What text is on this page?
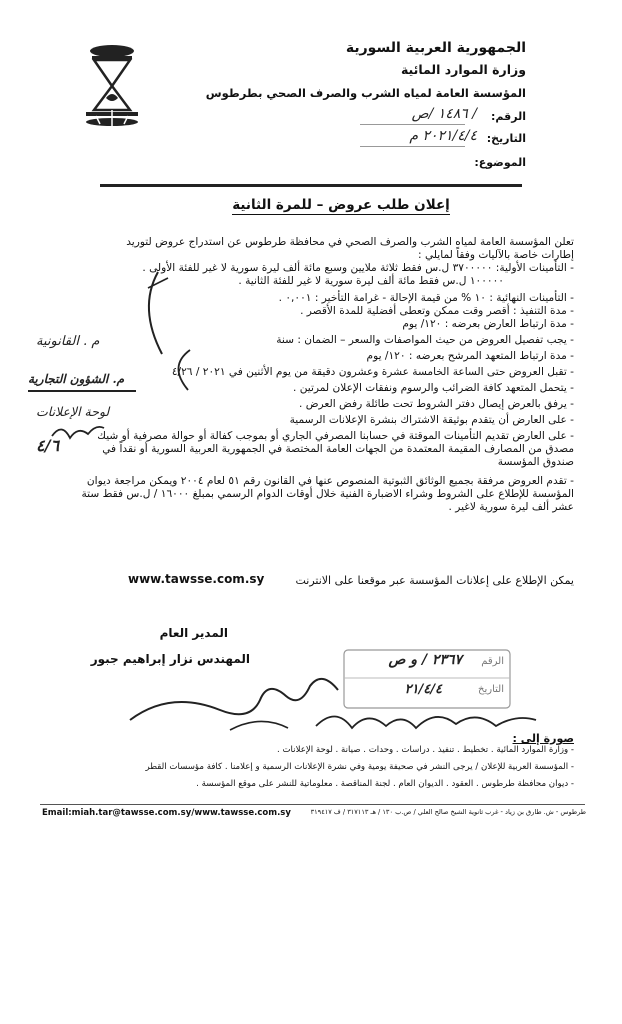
الجمهورية العربية السورية
وزارة الموارد المائية
المؤسسة العامة لمياه الشرب والصرف الصحي بطرطوس
الرقم:
/ ١٤٨٦ /ص
التاريخ:
٢٠٢١/٤/٤ م
الموضوع:
إعلان طلب عروض – للمرة الثانية
تعلن المؤسسة العامة لمياه الشرب والصرف الصحي في محافظة طرطوس عن استدراج عروض لتوريد
إطارات خاصة بالآليات وفقاً لمايلي :
- التأمينات الأولية: ٣٧٠٠٠٠٠ ل.س فقط ثلاثة ملايين وسبع مائة ألف ليرة سورية لا غير للفئة الأولى .
١٠٠٠٠٠ ل.س فقط مائة ألف ليرة سورية لا غير للفئة الثانية .
- التأمينات النهائية : ١٠ % من قيمة الإحالة - غرامة التأخير : ٠,٠٠١ .
- مدة التنفيذ : أقصر وقت ممكن وتعطى أفضلية للمدة الأقصر .
- مدة ارتباط العارض بعرضه : ١٢٠/ يوم
- يجب تفصيل العروض من حيث المواصفات والسعر – الضمان : سنة
- مدة ارتباط المتعهد المرشح بعرضه : ١٢٠/ يوم
- تقبل العروض حتى الساعة الخامسة عشرة وعشرون دقيقة من يوم الأثنين في ٢٠٢١ / ٤/٢٦
- يتحمل المتعهد كافة الضرائب والرسوم ونفقات الإعلان لمرتين .
- يرفق بالعرض إيصال دفتر الشروط تحت طائلة رفض العرض .
- على العارض أن يتقدم بوثيقة الاشتراك بنشرة الإعلانات الرسمية
- على العارض تقديم التأمينات الموقتة في حسابنا المصرفي الجاري أو بموجب كفالة أو حوالة مصرفية أو شيك
مصدق من المصارف المقيمة المعتمدة من الجهات العامة المختصة في الجمهورية العربية السورية أو نقداً في
صندوق المؤسسة
- تقدم العروض مرفقة بجميع الوثائق الثبوتية المنصوص عنها في القانون رقم ٥١ لعام ٢٠٠٤ ويمكن مراجعة ديوان
المؤسسة للإطلاع على الشروط وشراء الاضبارة الفنية خلال أوقات الدوام الرسمي بمبلغ ١٦٠٠٠ / ل.س فقط ستة
عشر ألف ليرة سورية لاغير .
م . القانونية
م. الشؤون التجارية
لوحة الإعلانات
٤/٦
يمكن الإطلاع على إعلانات المؤسسة عبر موقعنا على الانترنت
www.tawsse.com.sy
المدير العام
المهندس نزار إبراهيم جبور	الرقم
٢٣٦٧ / و ص
التاريخ
٢١/٤/٤
صورة إلى :
- وزارة الموارد المائية . تخطيط . تنفيذ . دراسات . وحدات . صيانة . لوحة الإعلانات .
- المؤسسة العربية للإعلان / يرجى النشر في صحيفة يومية وفي نشرة الإعلانات الرسمية و إعلامنا . كافة مؤسسات القطر
- ديوان محافظة طرطوس . العقود . الديوان العام . لجنة المناقصة . معلوماتية للنشر على موقع المؤسسة .
Email:miah.tar@tawsse.com.sy/www.tawsse.com.sy	طرطوس - ش. طارق بن زياد - غرب ثانوية الشيخ صالح العلي / ص.ب ١٣٠ / هـ ٣١٧١١٣ / ف ٣١٩٤١٧
